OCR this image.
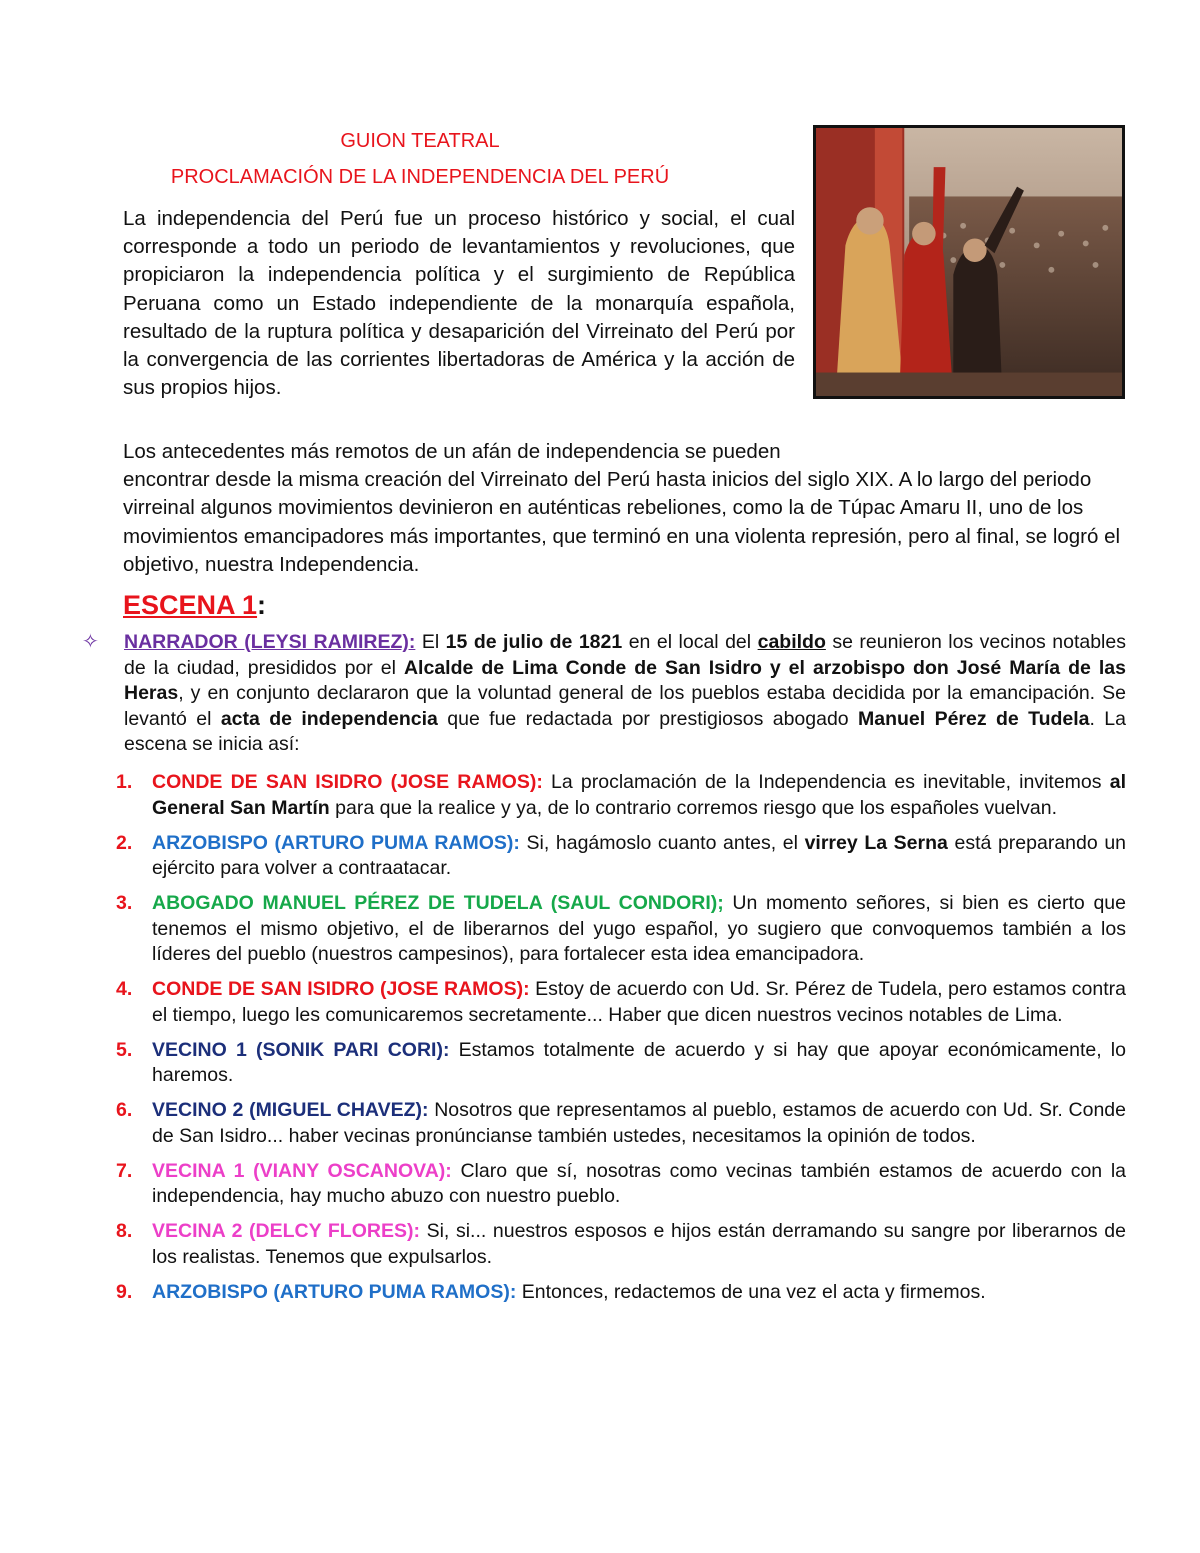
GUION TEATRAL
PROCLAMACIÓN DE LA INDEPENDENCIA DEL PERÚ
La independencia del Perú fue un proceso histórico y social, el cual corresponde a todo un periodo de levantamientos y revoluciones, que propiciaron la independencia política y el surgimiento de República Peruana como un Estado independiente de la monarquía española, resultado de la ruptura política y desaparición del Virreinato del Perú por la convergencia de las corrientes libertadoras de América y la acción de sus propios hijos.
Los antecedentes más remotos de un afán de independencia se pueden
encontrar desde la misma creación del Virreinato del Perú hasta inicios del siglo XIX. A lo largo del periodo virreinal algunos movimientos devinieron en auténticas rebeliones, como la de Túpac Amaru II, uno de los movimientos emancipadores más importantes, que terminó en una violenta represión, pero al final, se logró el objetivo, nuestra Independencia.
ESCENA 1:
✧	NARRADOR (LEYSI RAMIREZ): El 15 de julio de 1821 en el local del cabildo se reunieron los vecinos notables de la ciudad, presididos por el Alcalde de Lima Conde de San Isidro y el arzobispo don José María de las Heras, y en conjunto declararon que la voluntad general de los pueblos estaba decidida por la emancipación. Se levantó el acta de independencia que fue redactada por prestigiosos abogado Manuel Pérez de Tudela. La escena se inicia así:
1. CONDE DE SAN ISIDRO (JOSE RAMOS): La proclamación de la Independencia es inevitable, invitemos al General San Martín para que la realice y ya, de lo contrario corremos riesgo que los españoles vuelvan.
2. ARZOBISPO (ARTURO PUMA RAMOS): Si, hagámoslo cuanto antes, el virrey La Serna está preparando un ejército para volver a contraatacar.
3. ABOGADO MANUEL PÉREZ DE TUDELA (SAUL CONDORI); Un momento señores, si bien es cierto que tenemos el mismo objetivo, el de liberarnos del yugo español, yo sugiero que convoquemos también a los líderes del pueblo (nuestros campesinos), para fortalecer esta idea emancipadora.
4. CONDE DE SAN ISIDRO (JOSE RAMOS): Estoy de acuerdo con Ud. Sr. Pérez de Tudela, pero estamos contra el tiempo, luego les comunicaremos secretamente... Haber que dicen nuestros vecinos notables de Lima.
5. VECINO 1 (SONIK PARI CORI): Estamos totalmente de acuerdo y si hay que apoyar económicamente, lo haremos.
6. VECINO 2 (MIGUEL CHAVEZ): Nosotros que representamos al pueblo, estamos de acuerdo con Ud. Sr. Conde de San Isidro... haber vecinas pronúncianse también ustedes, necesitamos la opinión de todos.
7. VECINA 1 (VIANY OSCANOVA): Claro que sí, nosotras como vecinas también estamos de acuerdo con la independencia, hay mucho abuzo con nuestro pueblo.
8. VECINA 2 (DELCY FLORES): Si, si... nuestros esposos e hijos están derramando su sangre por liberarnos de los realistas. Tenemos que expulsarlos.
9. ARZOBISPO (ARTURO PUMA RAMOS): Entonces, redactemos de una vez el acta y firmemos.
